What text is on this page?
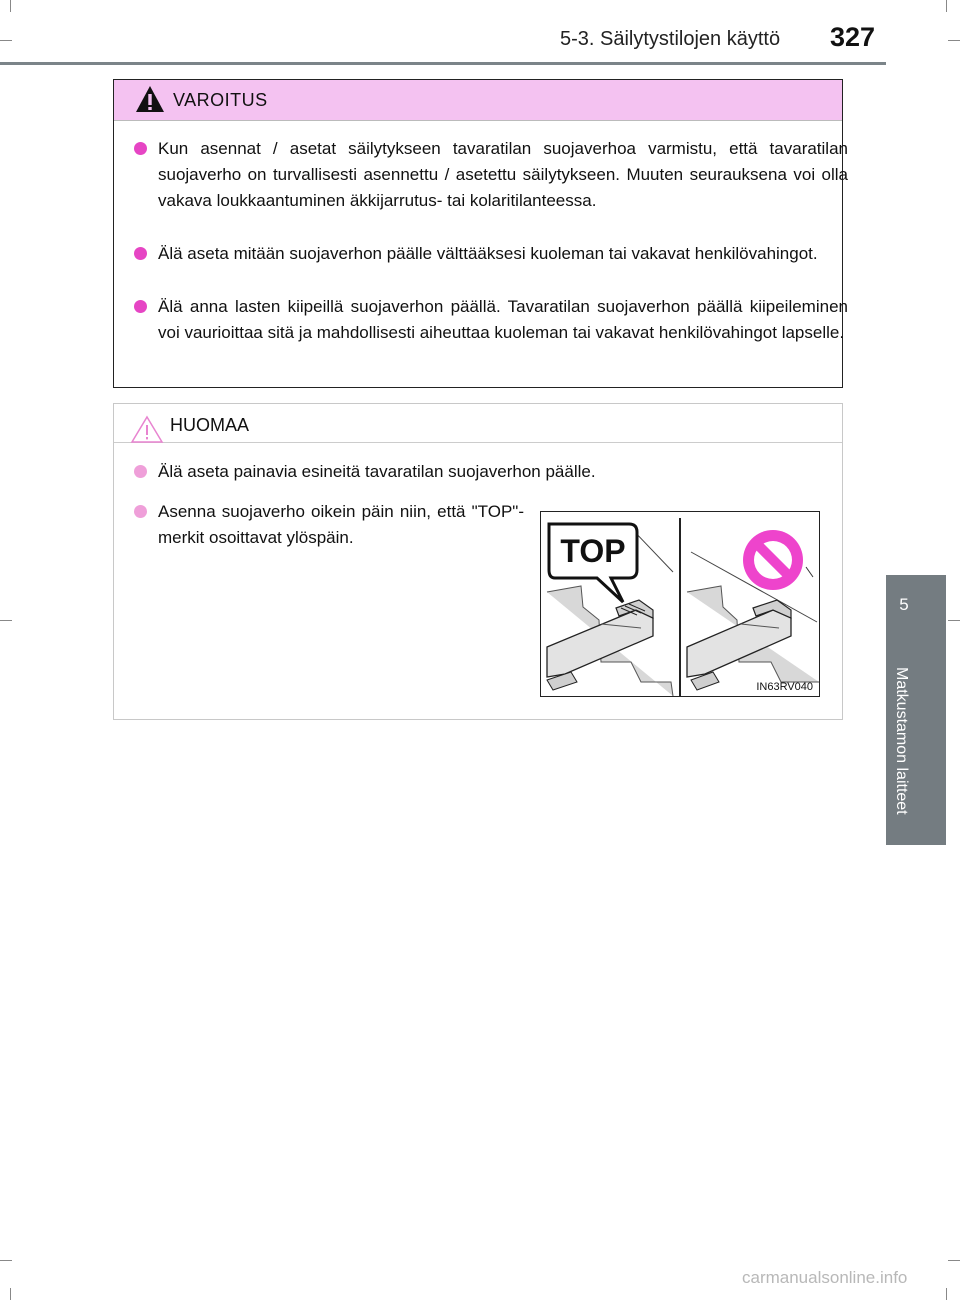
5-3. Säilytystilojen käyttö 327
5
Matkustamon laitteet
VAROITUS

Kun asennat / asetat säilytykseen tavaratilan suojaverhoa varmistu, että tavaratilan suojaverho on turvallisesti asennettu / asetettu säilytykseen. Muuten seurauksena voi olla vakava loukkaantuminen äkkijarrutus- tai kolaritilanteessa.

Älä aseta mitään suojaverhon päälle välttääksesi kuoleman tai vakavat henkilövahingot.

Älä anna lasten kiipeillä suojaverhon päällä. Tavaratilan suojaverhon päällä kiipeileminen voi vaurioittaa sitä ja mahdollisesti aiheuttaa kuoleman tai vakavat henkilövahingot lapselle.

HUOMAA

Älä aseta painavia esineitä tavaratilan suojaverhon päälle.

Asenna suojaverho oikein päin niin, että "TOP"-merkit osoittavat ylöspäin.	TOP
IN63RV040
carmanualsonline.info
